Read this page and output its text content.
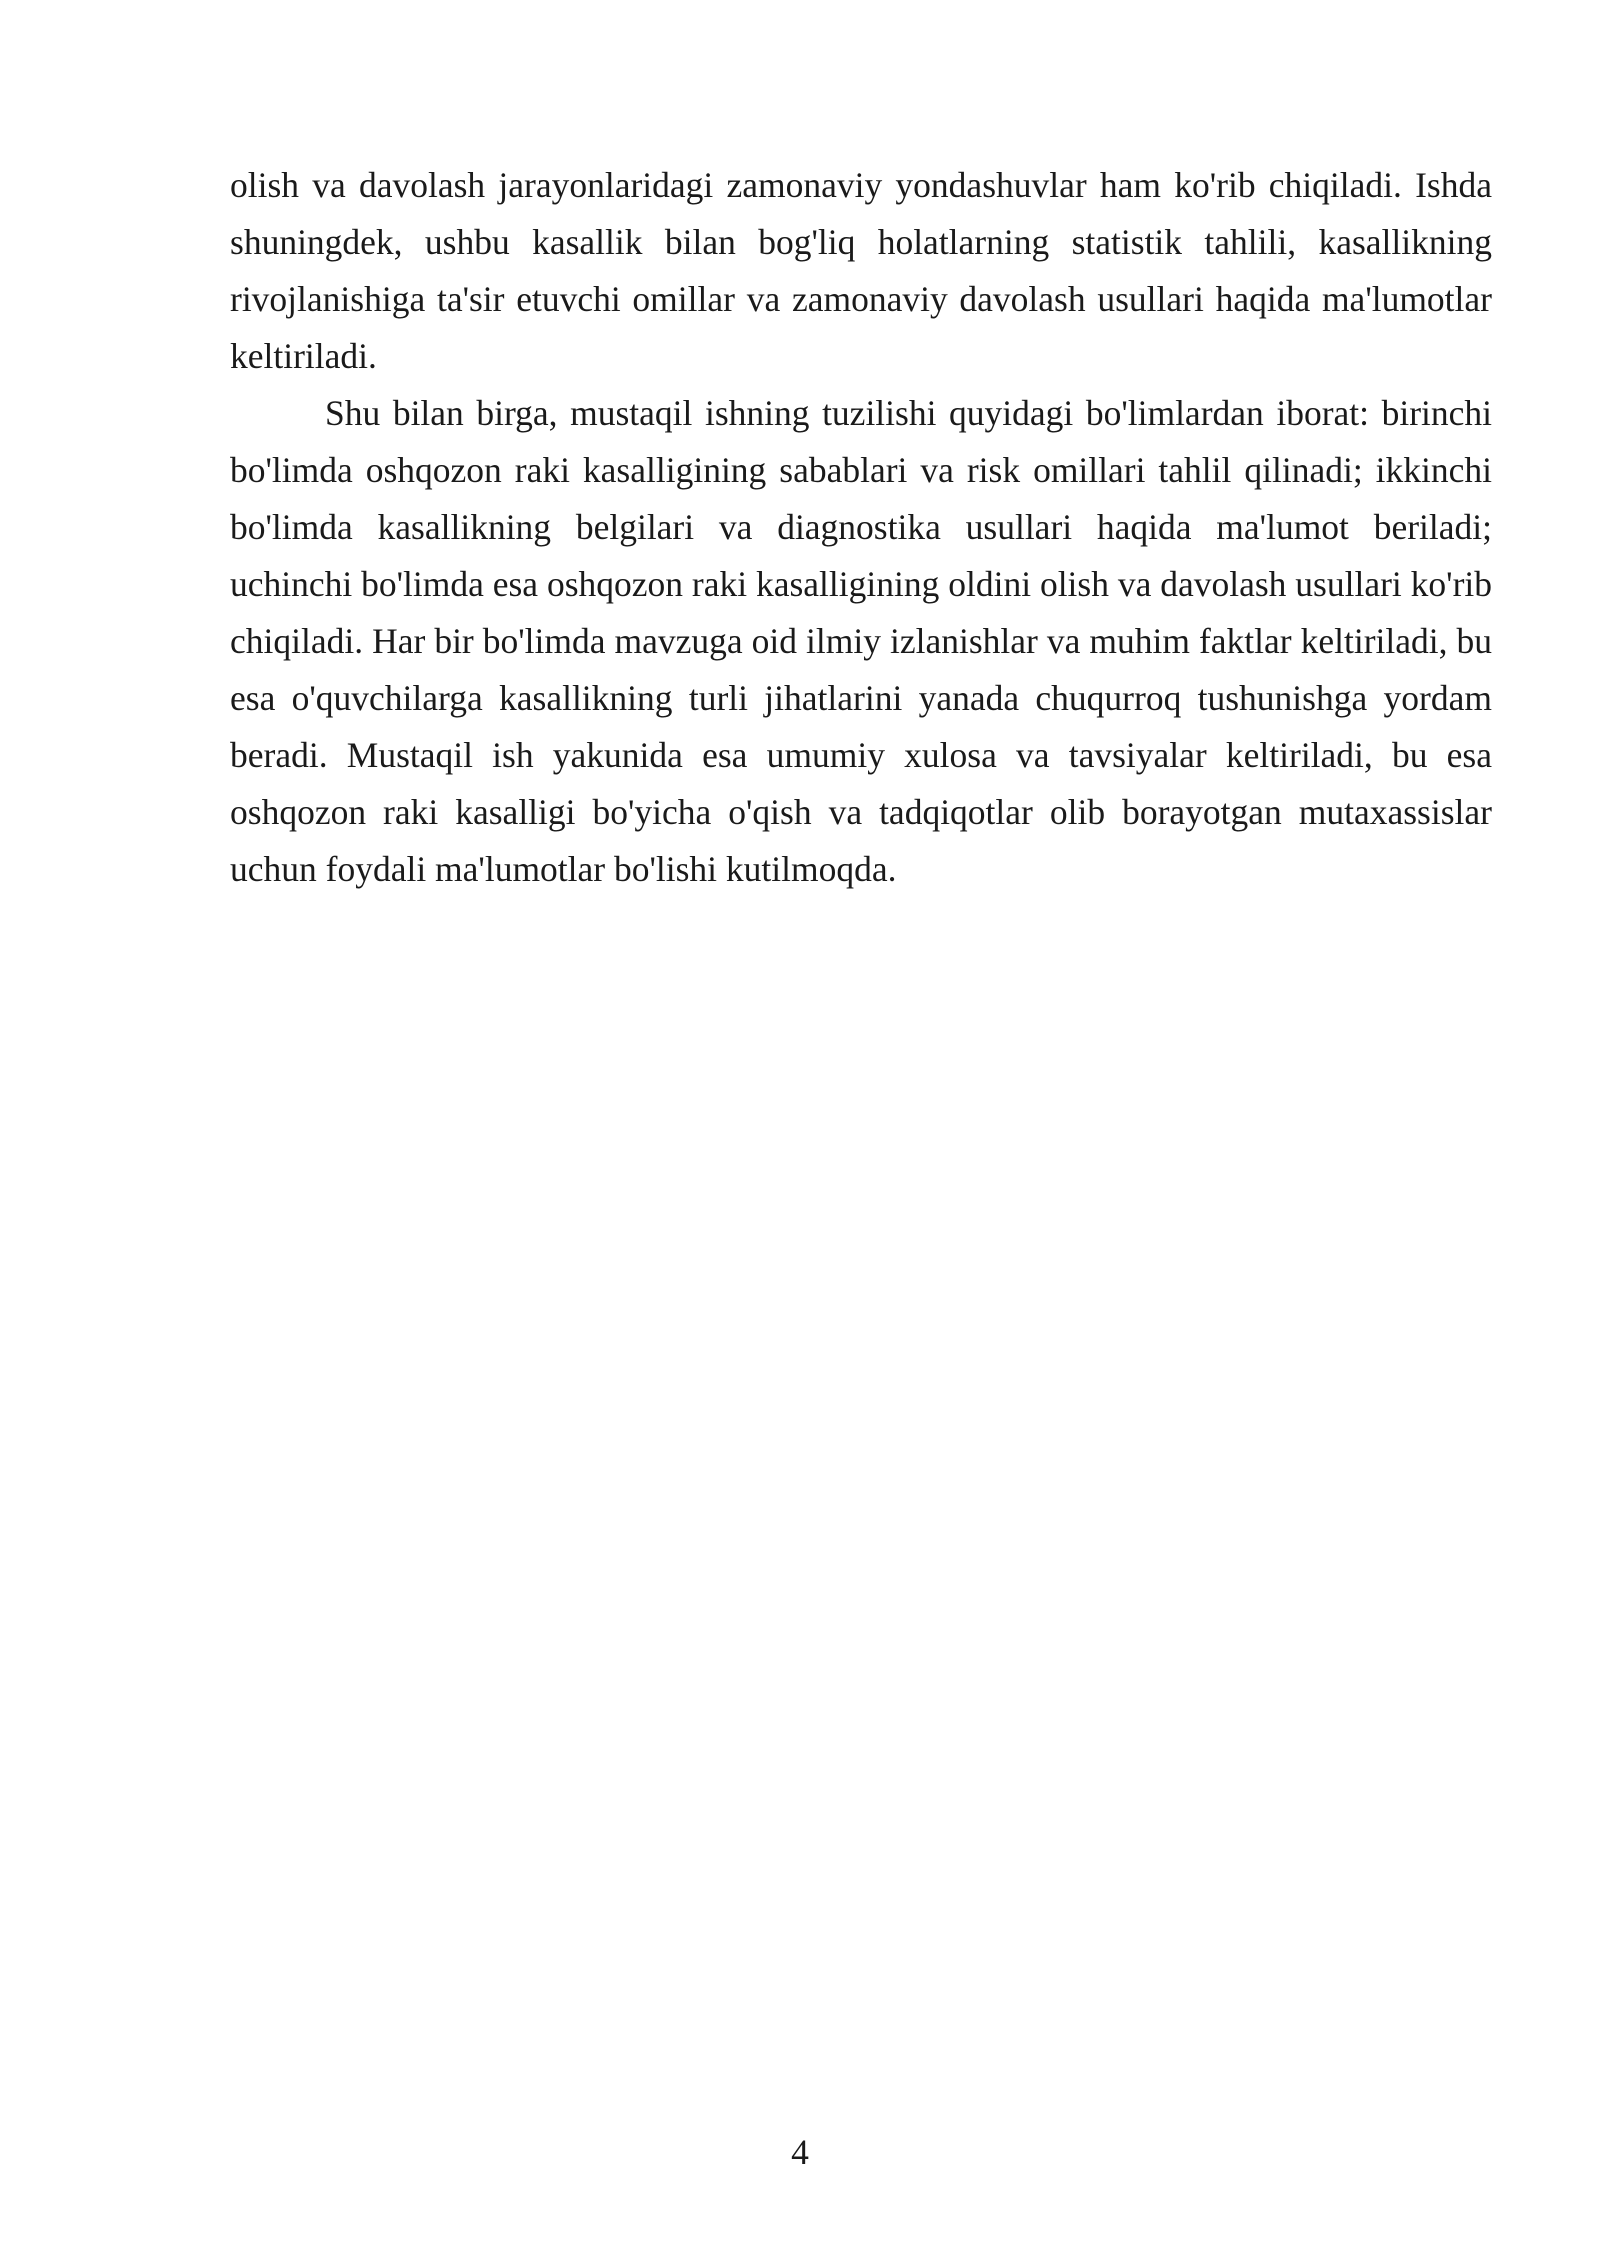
olish va davolash jarayonlaridagi zamonaviy yondashuvlar ham ko'rib chiqiladi. Ishda shuningdek, ushbu kasallik bilan bog'liq holatlarning statistik tahlili, kasallikning rivojlanishiga ta'sir etuvchi omillar va zamonaviy davolash usullari haqida ma'lumotlar keltiriladi.

Shu bilan birga, mustaqil ishning tuzilishi quyidagi bo'limlardan iborat: birinchi bo'limda oshqozon raki kasalligining sabablari va risk omillari tahlil qilinadi; ikkinchi bo'limda kasallikning belgilari va diagnostika usullari haqida ma'lumot beriladi; uchinchi bo'limda esa oshqozon raki kasalligining oldini olish va davolash usullari ko'rib chiqiladi. Har bir bo'limda mavzuga oid ilmiy izlanishlar va muhim faktlar keltiriladi, bu esa o'quvchilarga kasallikning turli jihatlarini yanada chuqurroq tushunishga yordam beradi. Mustaqil ish yakunida esa umumiy xulosa va tavsiyalar keltiriladi, bu esa oshqozon raki kasalligi bo'yicha o'qish va tadqiqotlar olib borayotgan mutaxassislar uchun foydali ma'lumotlar bo'lishi kutilmoqda.

4
